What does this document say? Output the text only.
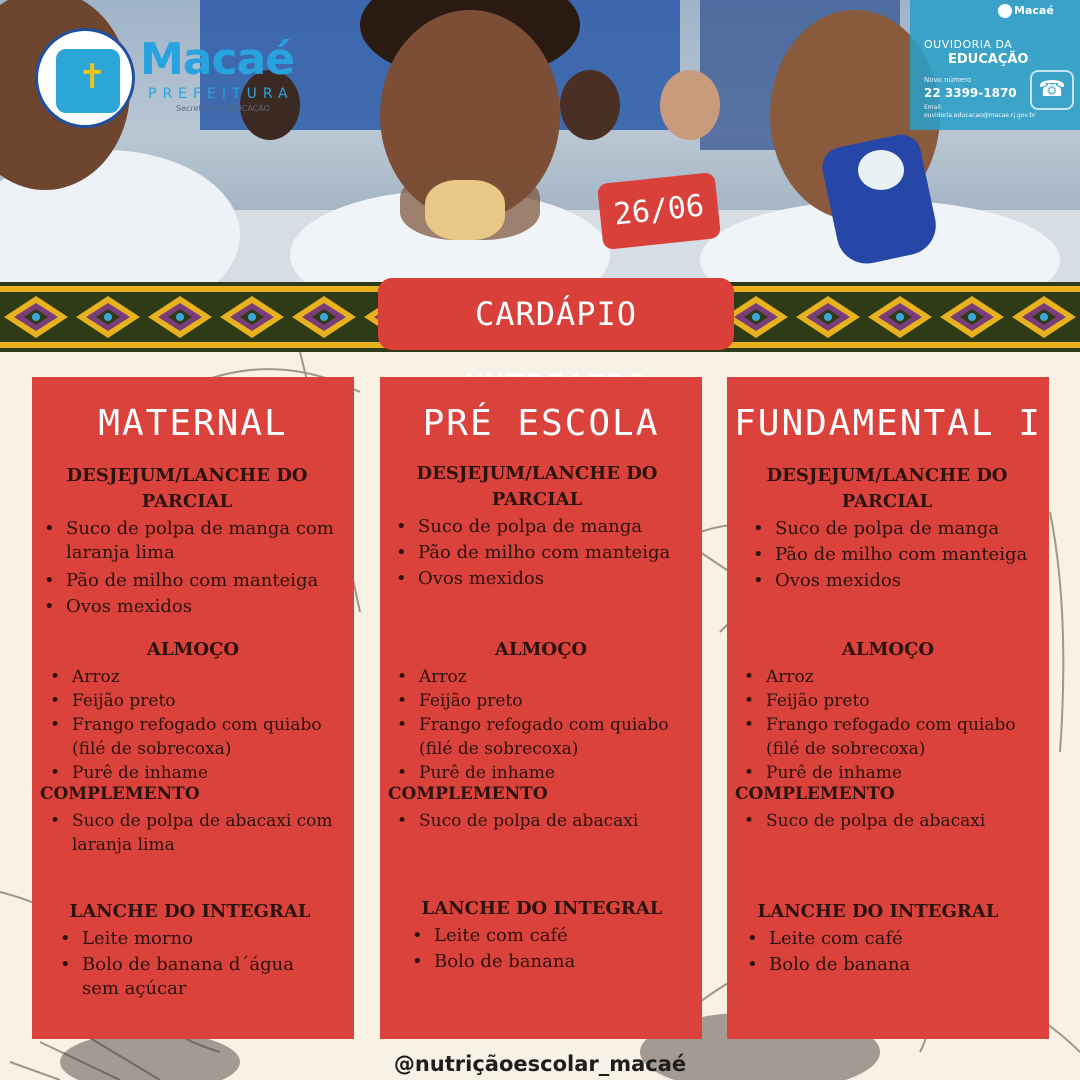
✝ Macaé
PREFEITURA
Secretaria | EDUCAÇÃO
Macaé
OUVIDORIA DA
EDUCAÇÃO
Novo número
22 3399-1870
Email:
ouvidoria.educacao@macae.rj.gov.br
☎
26/06
CARDÁPIO
MATERNAL
DESJEJUM/LANCHE DO
PARCIAL
• Suco de polpa de manga com
laranja lima
• Pão de milho com manteiga
• Ovos mexidos
ALMOÇO
• Arroz
• Feijão preto
• Frango refogado com quiabo
(filé de sobrecoxa)
• Purê de inhame
COMPLEMENTO
• Suco de polpa de abacaxi com
laranja lima
LANCHE DO INTEGRAL
• Leite morno
• Bolo de banana d´água
sem açúcar
PRÉ ESCOLA
DESJEJUM/LANCHE DO
PARCIAL
• Suco de polpa de manga
• Pão de milho com manteiga
• Ovos mexidos
ALMOÇO
• Arroz
• Feijão preto
• Frango refogado com quiabo
(filé de sobrecoxa)
• Purê de inhame
COMPLEMENTO
• Suco de polpa de abacaxi
LANCHE DO INTEGRAL
• Leite com café
• Bolo de banana
FUNDAMENTAL I
DESJEJUM/LANCHE DO
PARCIAL
• Suco de polpa de manga
• Pão de milho com manteiga
• Ovos mexidos
ALMOÇO
• Arroz
• Feijão preto
• Frango refogado com quiabo
(filé de sobrecoxa)
• Purê de inhame
COMPLEMENTO
• Suco de polpa de abacaxi
LANCHE DO INTEGRAL
• Leite com café
• Bolo de banana
@nutriçãoescolar_macaé
